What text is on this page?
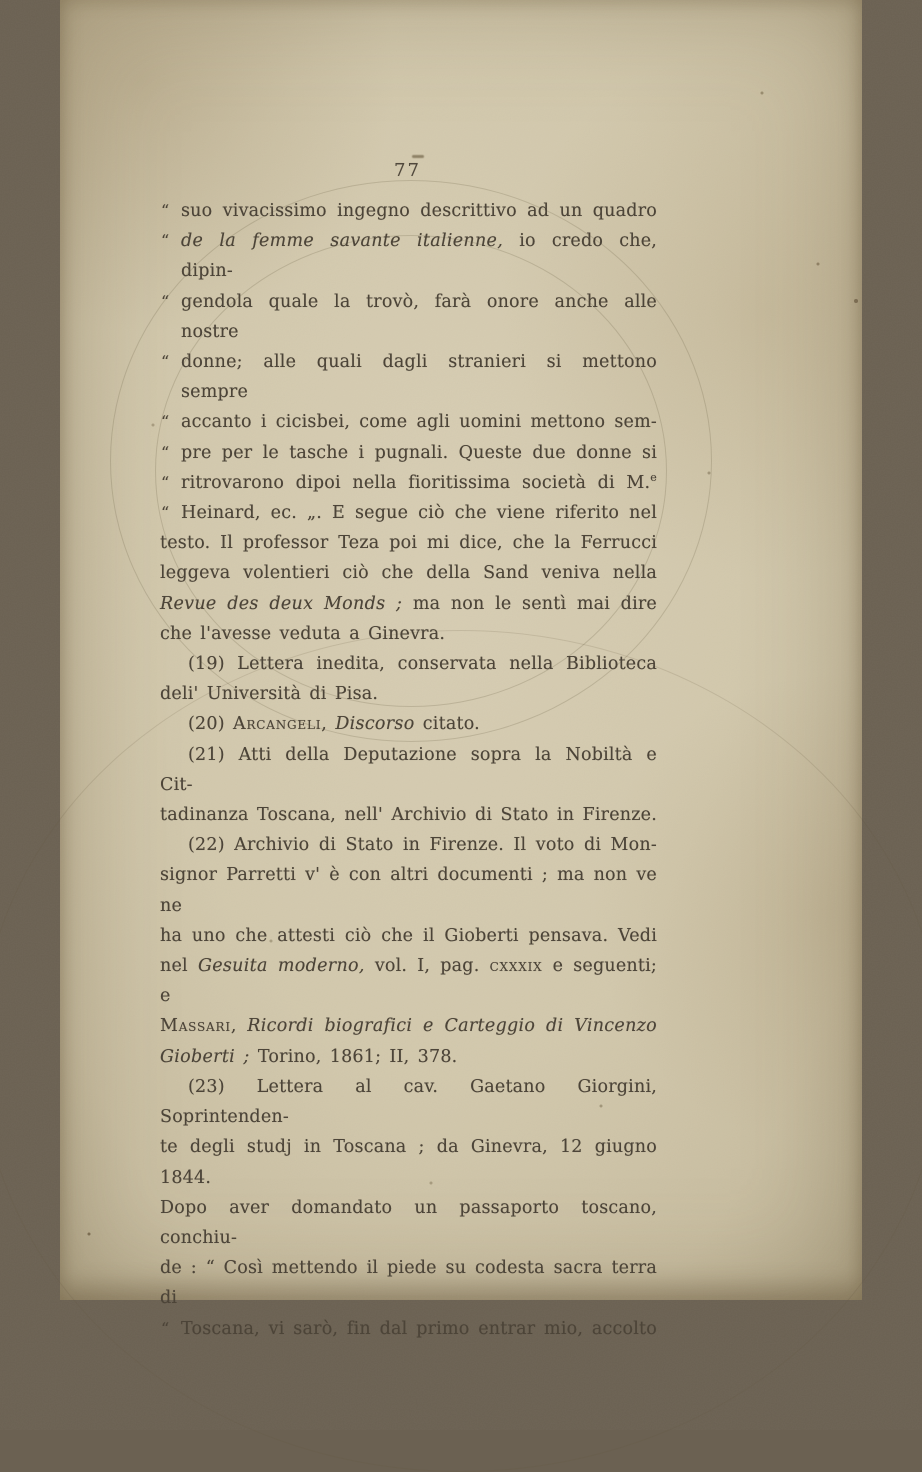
77
“ suo vivacissimo ingegno descrittivo ad un quadro
“ de la femme savante italienne, io credo che, dipin-
“ gendola quale la trovò, farà onore anche alle nostre
“ donne; alle quali dagli stranieri si mettono sempre
“ accanto i cicisbei, come agli uomini mettono sem-
“ pre per le tasche i pugnali. Queste due donne si
“ ritrovarono dipoi nella fioritissima società di M.$^e$
“ Heinard, ec. „. E segue ciò che viene riferito nel
testo. Il professor Teza poi mi dice, che la Ferrucci
leggeva volentieri ciò che della Sand veniva nella
Revue des deux Monds ; ma non le sentì mai dire
che l'avesse veduta a Ginevra.
(19) Lettera inedita, conservata nella Biblioteca
deli' Università di Pisa.
(20) Arcangeli, Discorso citato.
(21) Atti della Deputazione sopra la Nobiltà e Cit-
tadinanza Toscana, nell' Archivio di Stato in Firenze.
(22) Archivio di Stato in Firenze. Il voto di Mon-
signor Parretti v' è con altri documenti ; ma non ve ne
ha uno che attesti ciò che il Gioberti pensava. Vedi
nel Gesuita moderno, vol. I, pag. cxxxix e seguenti; e
Massari, Ricordi biografici e Carteggio di Vincenzo
Gioberti ; Torino, 1861; II, 378.
(23) Lettera al cav. Gaetano Giorgini, Soprintenden-
te degli studj in Toscana ; da Ginevra, 12 giugno 1844.
Dopo aver domandato un passaporto toscano, conchiu-
de : “ Così mettendo il piede su codesta sacra terra di
“ Toscana, vi sarò, fin dal primo entrar mio, accolto
